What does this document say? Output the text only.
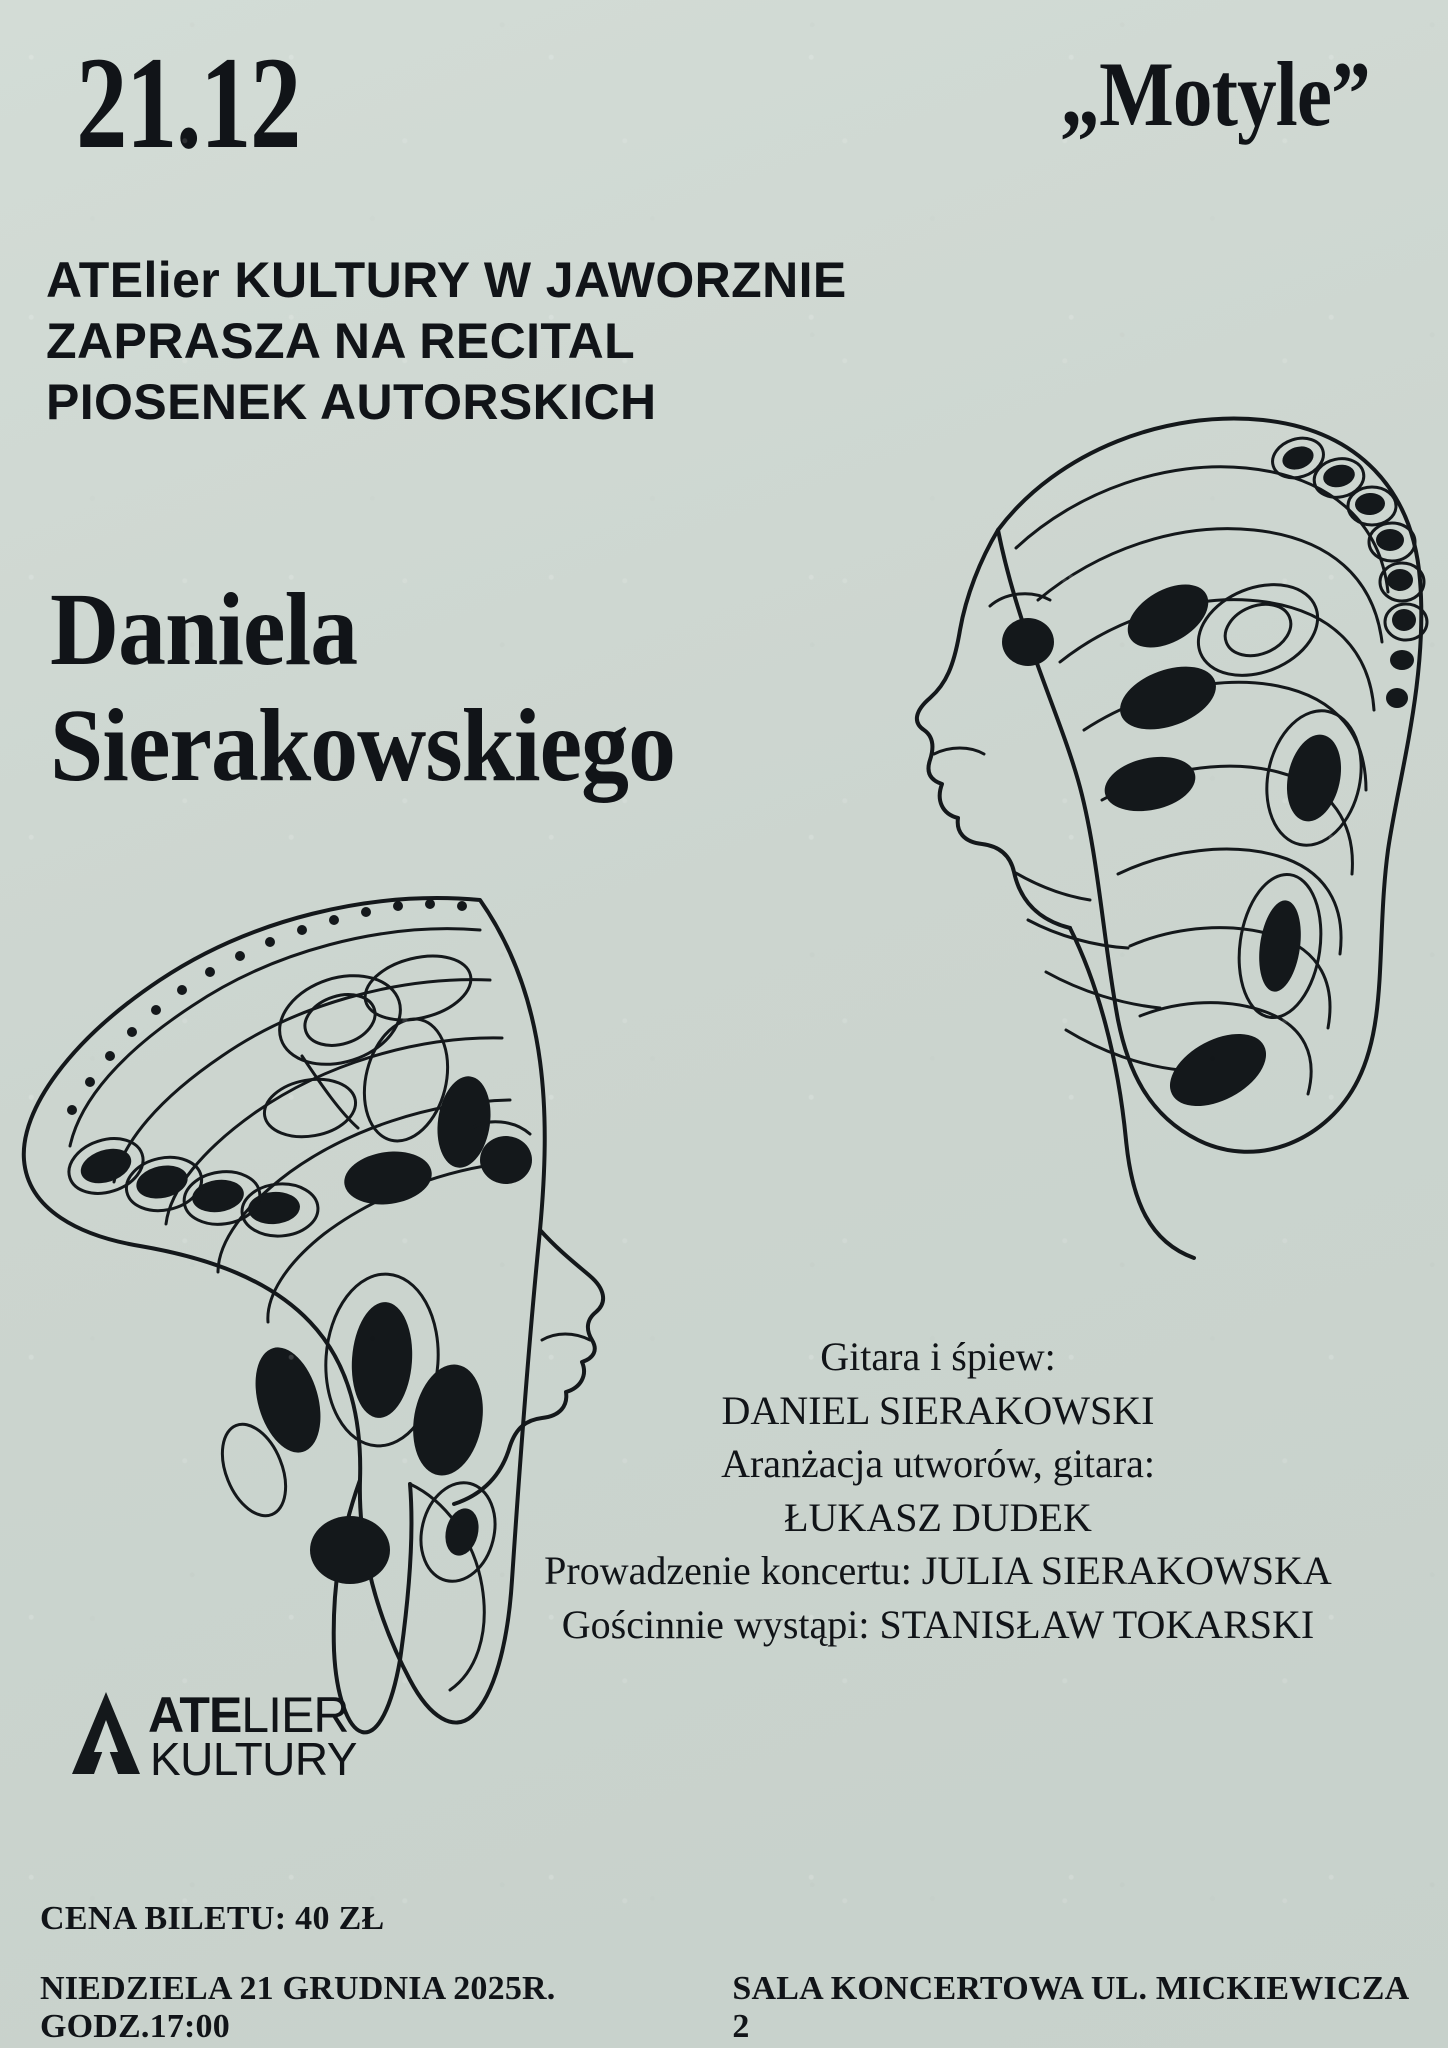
21.12	„Motyle”
ATElier KULTURY W JAWORZNIE
ZAPRASZA NA RECITAL
PIOSENEK AUTORSKICH
Daniela
Sierakowskiego
Gitara i śpiew:
DANIEL SIERAKOWSKI
Aranżacja utworów, gitara:
ŁUKASZ DUDEK
Prowadzenie koncertu: JULIA SIERAKOWSKA
Gościnnie wystąpi: STANISŁAW TOKARSKI
ATELIER
KULTURY
CENA BILETU: 40 ZŁ
NIEDZIELA 21 GRUDNIA 2025R. GODZ.17:00
SALA KONCERTOWA UL. MICKIEWICZA 2
